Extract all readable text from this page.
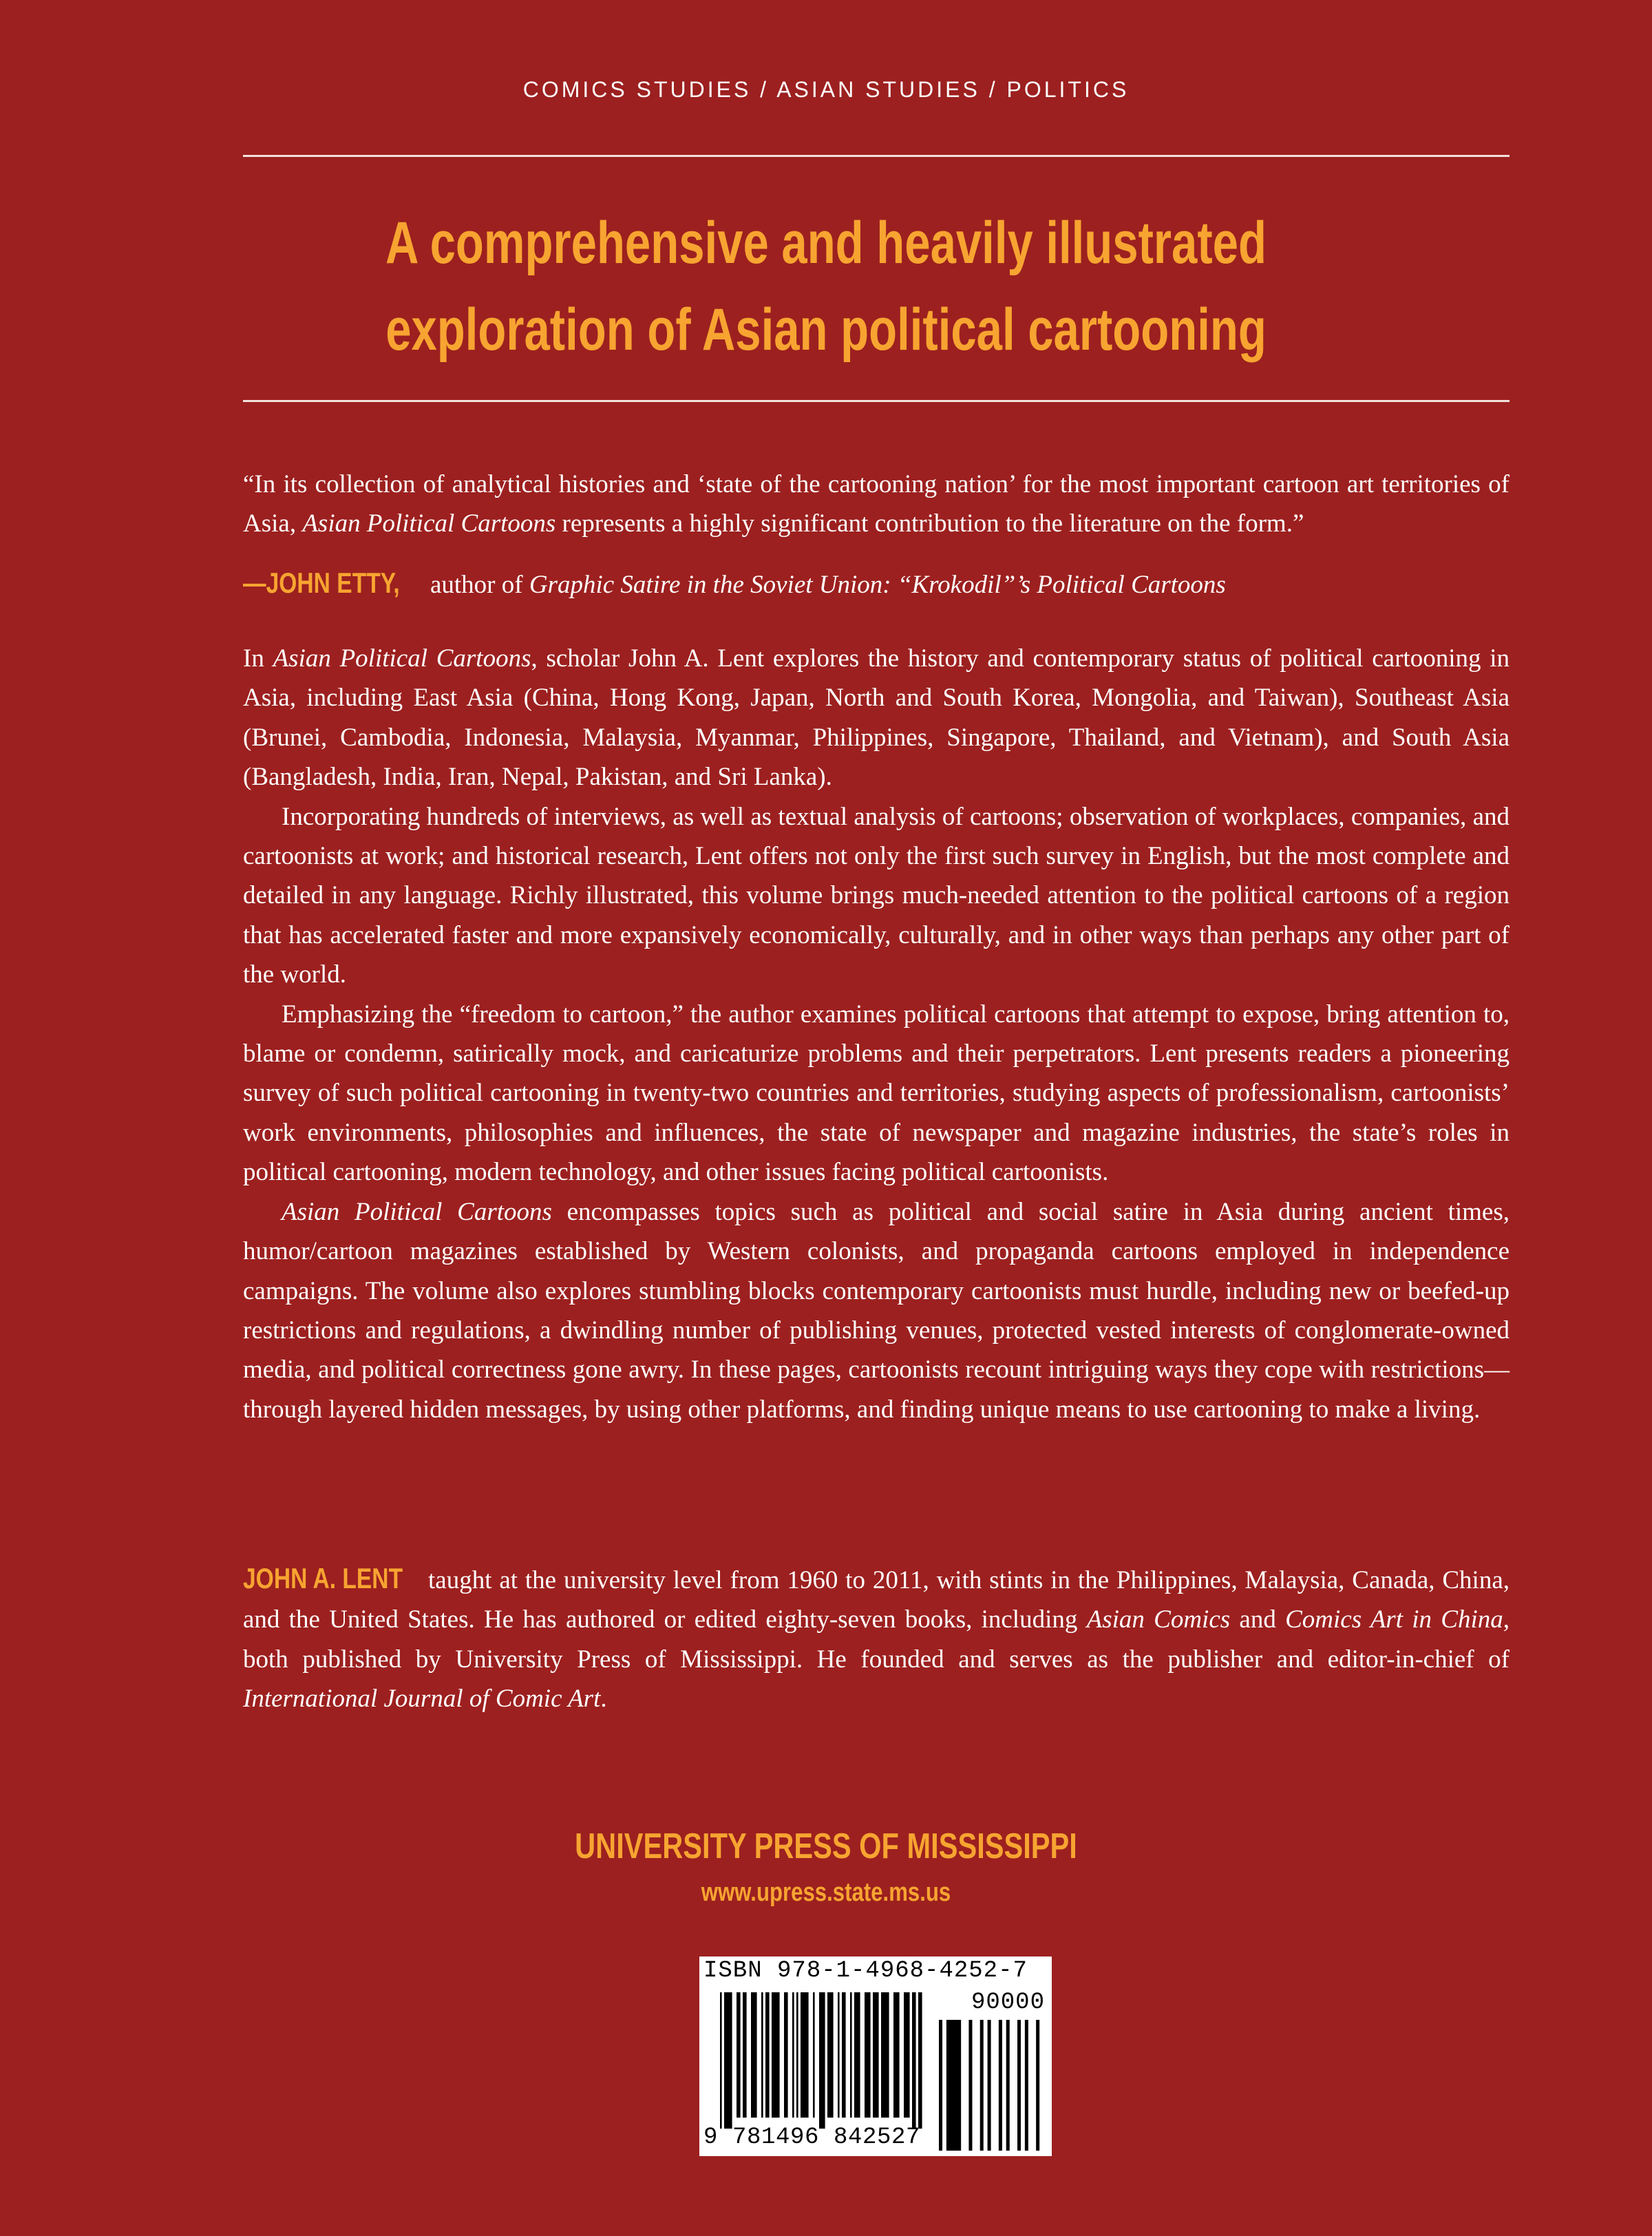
COMICS STUDIES / ASIAN STUDIES / POLITICS
A comprehensive and heavily illustrated
exploration of Asian political cartooning
“In its collection of analytical histories and ‘state of the cartooning nation’ for the most important cartoon art territories of Asia, Asian Political Cartoons represents a highly significant contribution to the literature on the form.”
—JOHN ETTY, author of Graphic Satire in the Soviet Union: “Krokodil”’s Political Cartoons

In Asian Political Cartoons, scholar John A. Lent explores the history and contemporary status of political cartooning in Asia, including East Asia (China, Hong Kong, Japan, North and South Korea, Mongolia, and Taiwan), Southeast Asia (Brunei, Cambodia, Indonesia, Malaysia, Myanmar, Philippines, Singapore, Thailand, and Vietnam), and South Asia (Bangladesh, India, Iran, Nepal, Pakistan, and Sri Lanka).

Incorporating hundreds of interviews, as well as textual analysis of cartoons; observation of workplaces, companies, and cartoonists at work; and historical research, Lent offers not only the first such survey in English, but the most complete and detailed in any language. Richly illustrated, this volume brings much-needed attention to the political cartoons of a region that has accelerated faster and more expansively economically, culturally, and in other ways than perhaps any other part of the world.

Emphasizing the “freedom to cartoon,” the author examines political cartoons that attempt to expose, bring attention to, blame or condemn, satirically mock, and caricaturize problems and their perpetrators. Lent presents readers a pioneering survey of such political cartooning in twenty-two countries and territories, studying aspects of professionalism, cartoonists’ work environments, philosophies and influences, the state of newspaper and magazine industries, the state’s roles in political cartooning, modern technology, and other issues facing political cartoonists.

Asian Political Cartoons encompasses topics such as political and social satire in Asia during ancient times, humor/cartoon magazines established by Western colonists, and propaganda cartoons employed in independence campaigns. The volume also explores stumbling blocks contemporary cartoonists must hurdle, including new or beefed-up restrictions and regulations, a dwindling number of publishing venues, protected vested interests of conglomerate-owned media, and political correctness gone awry. In these pages, cartoonists recount intriguing ways they cope with restrictions—through layered hidden messages, by using other platforms, and finding unique means to use cartooning to make a living.

JOHN A. LENT taught at the university level from 1960 to 2011, with stints in the Philippines, Malaysia, Canada, China, and the United States. He has authored or edited eighty-seven books, including Asian Comics and Comics Art in China, both published by University Press of Mississippi. He founded and serves as the publisher and editor-in-chief of International Journal of Comic Art.
UNIVERSITY PRESS OF MISSISSIPPI
www.upress.state.ms.us
ISBN 978-1-4968-4252-7
90000
9 781496 842527
